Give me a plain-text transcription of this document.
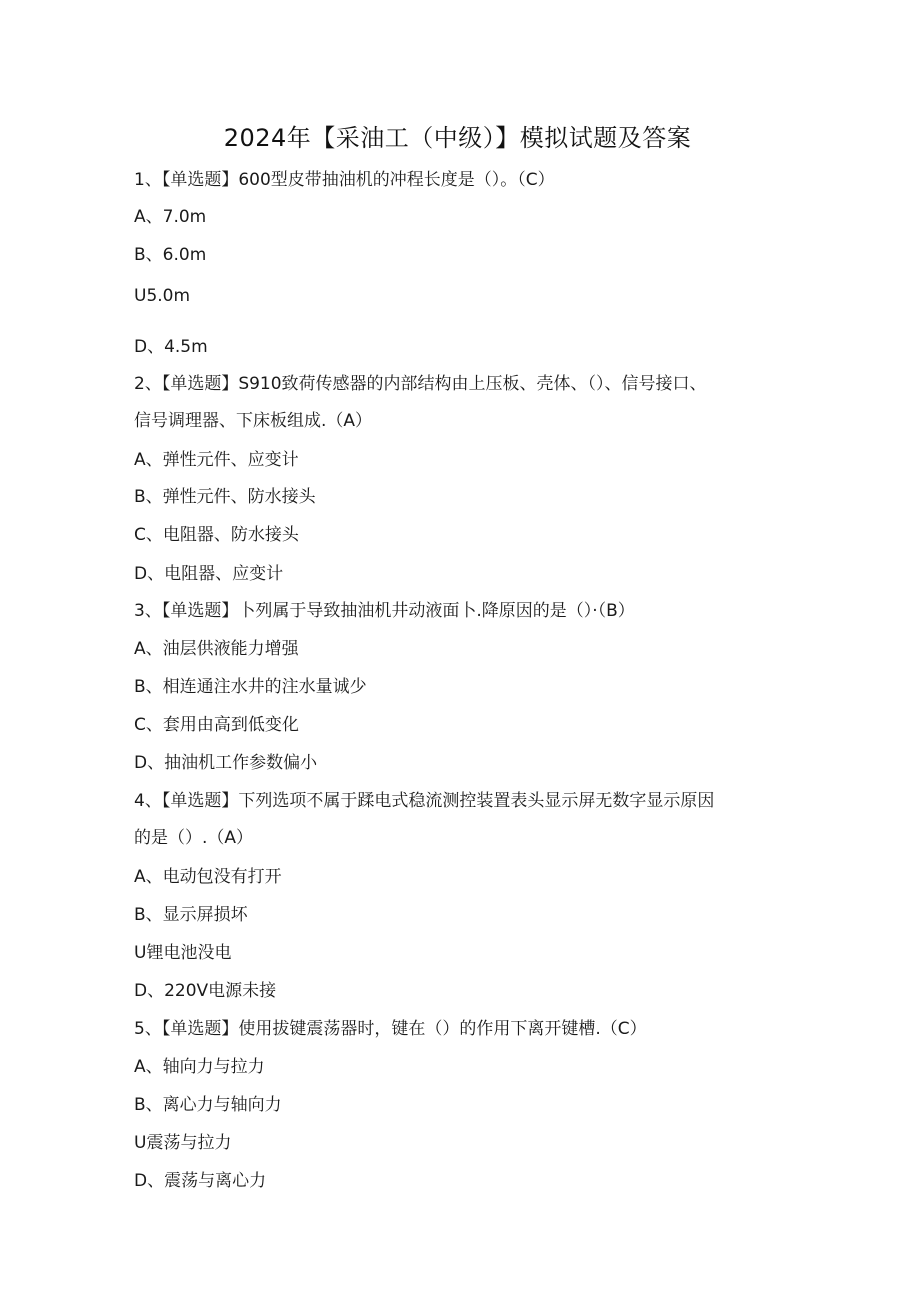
2024年【采油工（中级）】模拟试题及答案
1、【单选题】600型皮带抽油机的冲程长度是（）。（C）
A、7.0m
B、6.0m
U5.0m
D、4.5m
2、【单选题】S910致荷传感器的内部结构由上压板、壳体、（）、信号接口、
信号调理器、下床板组成.（A）
A、弹性元件、应变计
B、弹性元件、防水接头
C、电阻器、防水接头
D、电阻器、应变计
3、【单选题】卜列属于导致抽油机井动液面卜.降原因的是（）·（B）
A、油层供液能力增强
B、相连通注水井的注水量诚少
C、套用由高到低变化
D、抽油机工作参数偏小
4、【单选题】下列选项不属于蹂电式稳流测控装置表头显示屏无数字显示原因
的是（）.（A）
A、电动包没有打开
B、显示屏损坏
U锂电池没电
D、220V电源未接
5、【单选题】使用拔键震荡器时，键在（）的作用下离开键槽.（C）
A、轴向力与拉力
B、离心力与轴向力
U震荡与拉力
D、震荡与离心力
